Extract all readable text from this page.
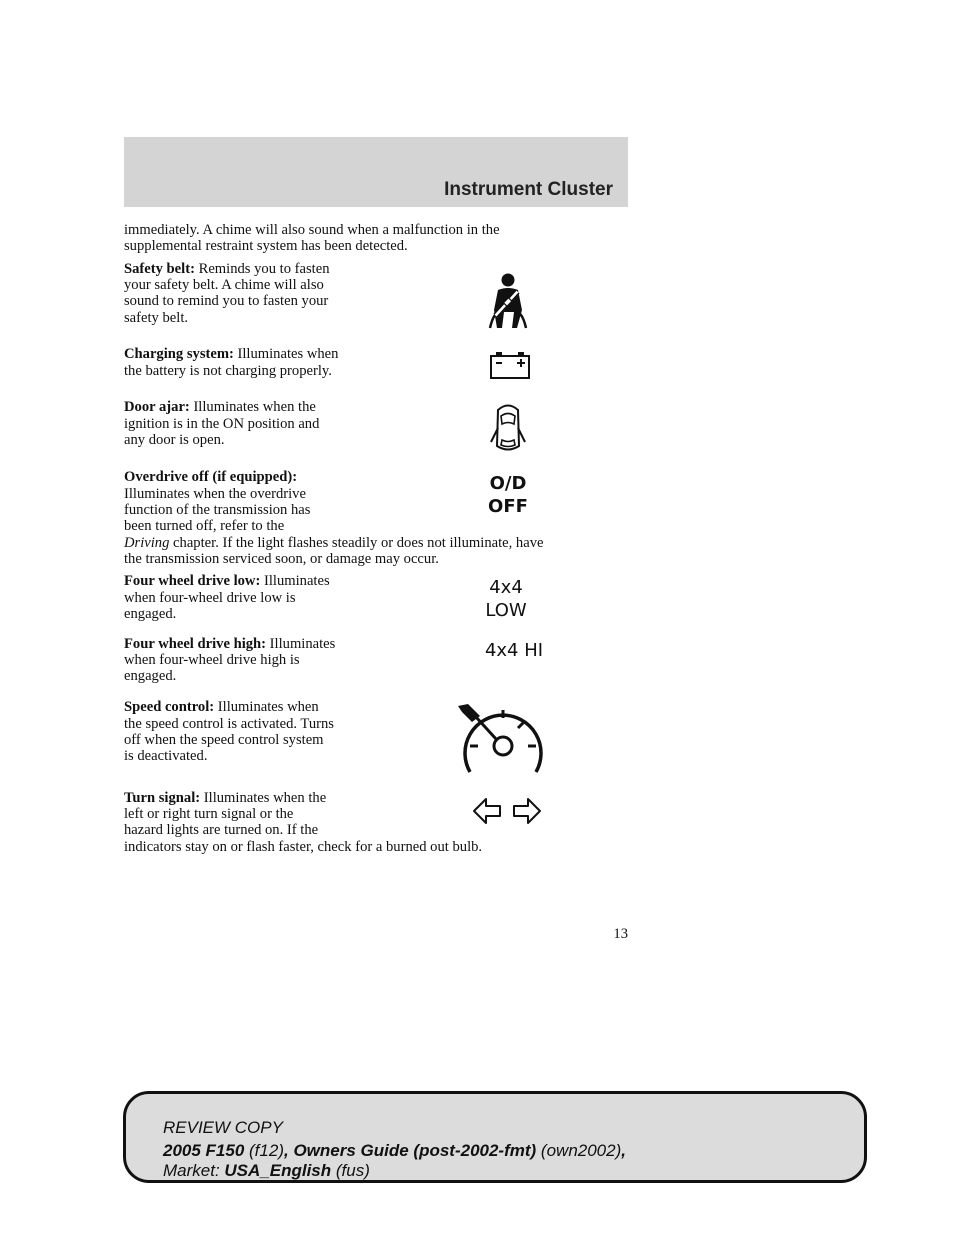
Instrument Cluster
immediately. A chime will also sound when a malfunction in the
supplemental restraint system has been detected.
Safety belt: Reminds you to fasten
your safety belt. A chime will also
sound to remind you to fasten your
safety belt.
Charging system: Illuminates when
the battery is not charging properly.
Door ajar: Illuminates when the
ignition is in the ON position and
any door is open.
Overdrive off (if equipped):
Illuminates when the overdrive
function of the transmission has
been turned off, refer to the
Driving chapter. If the light flashes steadily or does not illuminate, have
the transmission serviced soon, or damage may occur.
O/D
OFF
Four wheel drive low: Illuminates
when four-wheel drive low is
engaged.
4x4
LOW
Four wheel drive high: Illuminates
when four-wheel drive high is
engaged.
4x4 HI
Speed control: Illuminates when
the speed control is activated. Turns
off when the speed control system
is deactivated.
Turn signal: Illuminates when the
left or right turn signal or the
hazard lights are turned on. If the
indicators stay on or flash faster, check for a burned out bulb.
13
REVIEW COPY
2005 F150 (f12), Owners Guide (post-2002-fmt) (own2002),
Market: USA_English (fus)
